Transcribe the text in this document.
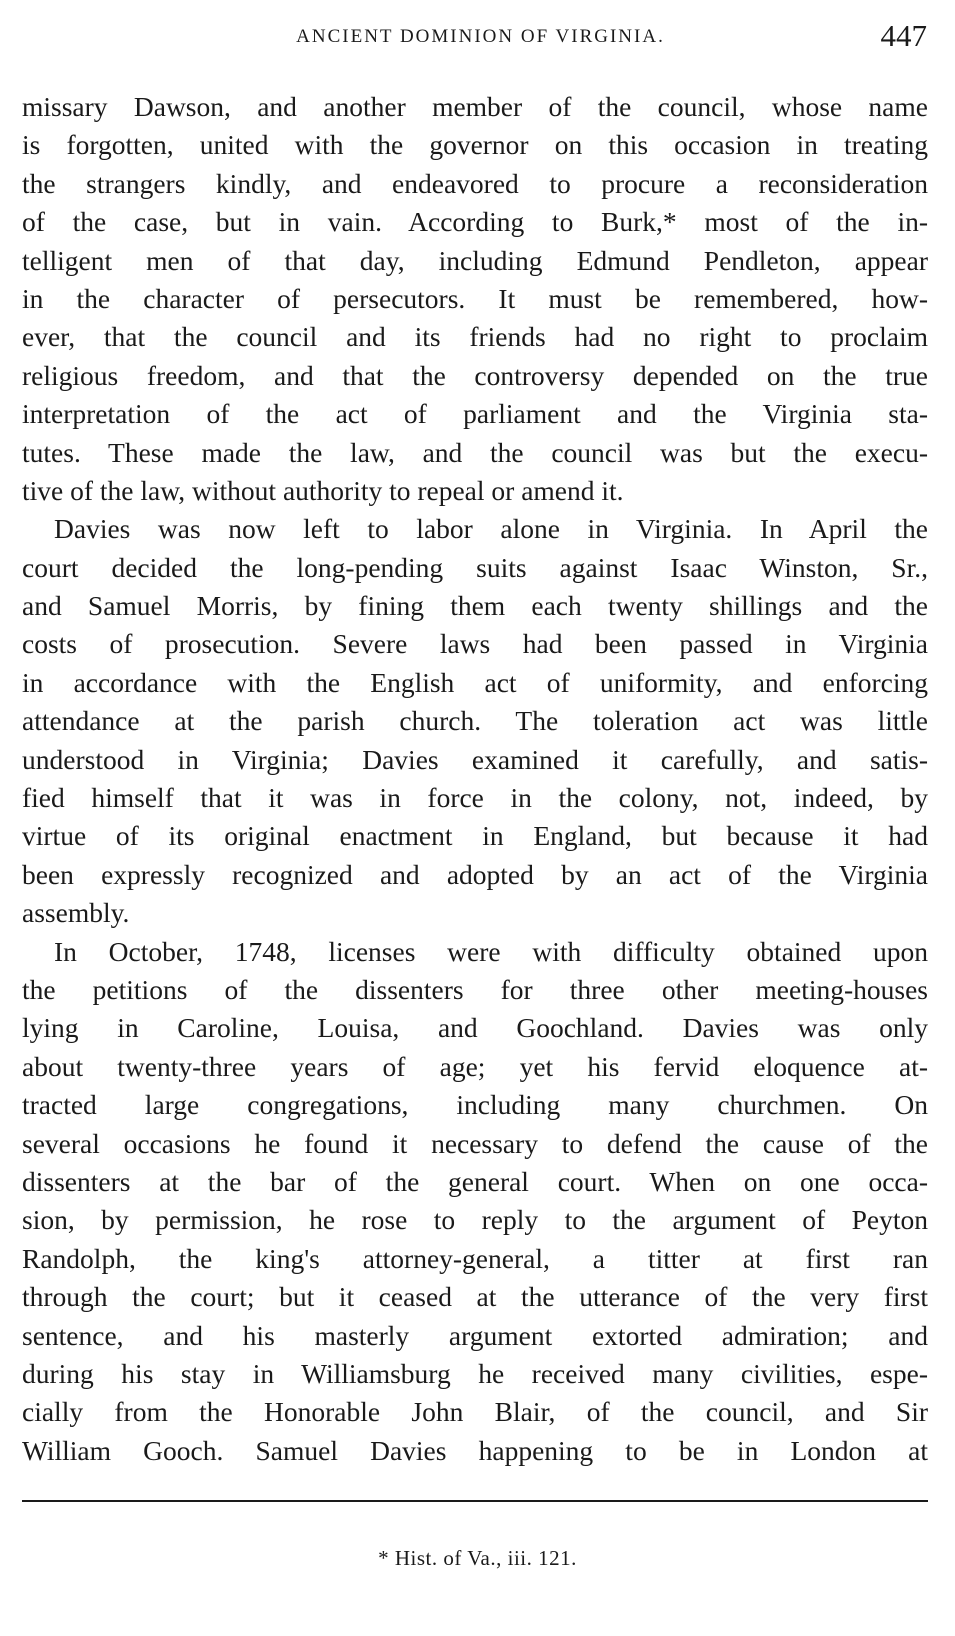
ANCIENT DOMINION OF VIRGINIA.	447
missary Dawson, and another member of the council, whose name
is forgotten, united with the governor on this occasion in treating
the strangers kindly, and endeavored to procure a reconsideration
of the case, but in vain. According to Burk,* most of the in-
telligent men of that day, including Edmund Pendleton, appear
in the character of persecutors. It must be remembered, how-
ever, that the council and its friends had no right to proclaim
religious freedom, and that the controversy depended on the true
interpretation of the act of parliament and the Virginia sta-
tutes. These made the law, and the council was but the execu-
tive of the law, without authority to repeal or amend it.
Davies was now left to labor alone in Virginia. In April the
court decided the long-pending suits against Isaac Winston, Sr.,
and Samuel Morris, by fining them each twenty shillings and the
costs of prosecution. Severe laws had been passed in Virginia
in accordance with the English act of uniformity, and enforcing
attendance at the parish church. The toleration act was little
understood in Virginia; Davies examined it carefully, and satis-
fied himself that it was in force in the colony, not, indeed, by
virtue of its original enactment in England, but because it had
been expressly recognized and adopted by an act of the Virginia
assembly.
In October, 1748, licenses were with difficulty obtained upon
the petitions of the dissenters for three other meeting-houses
lying in Caroline, Louisa, and Goochland. Davies was only
about twenty-three years of age; yet his fervid eloquence at-
tracted large congregations, including many churchmen. On
several occasions he found it necessary to defend the cause of the
dissenters at the bar of the general court. When on one occa-
sion, by permission, he rose to reply to the argument of Peyton
Randolph, the king's attorney-general, a titter at first ran
through the court; but it ceased at the utterance of the very first
sentence, and his masterly argument extorted admiration; and
during his stay in Williamsburg he received many civilities, espe-
cially from the Honorable John Blair, of the council, and Sir
William Gooch. Samuel Davies happening to be in London at
* Hist. of Va., iii. 121.
